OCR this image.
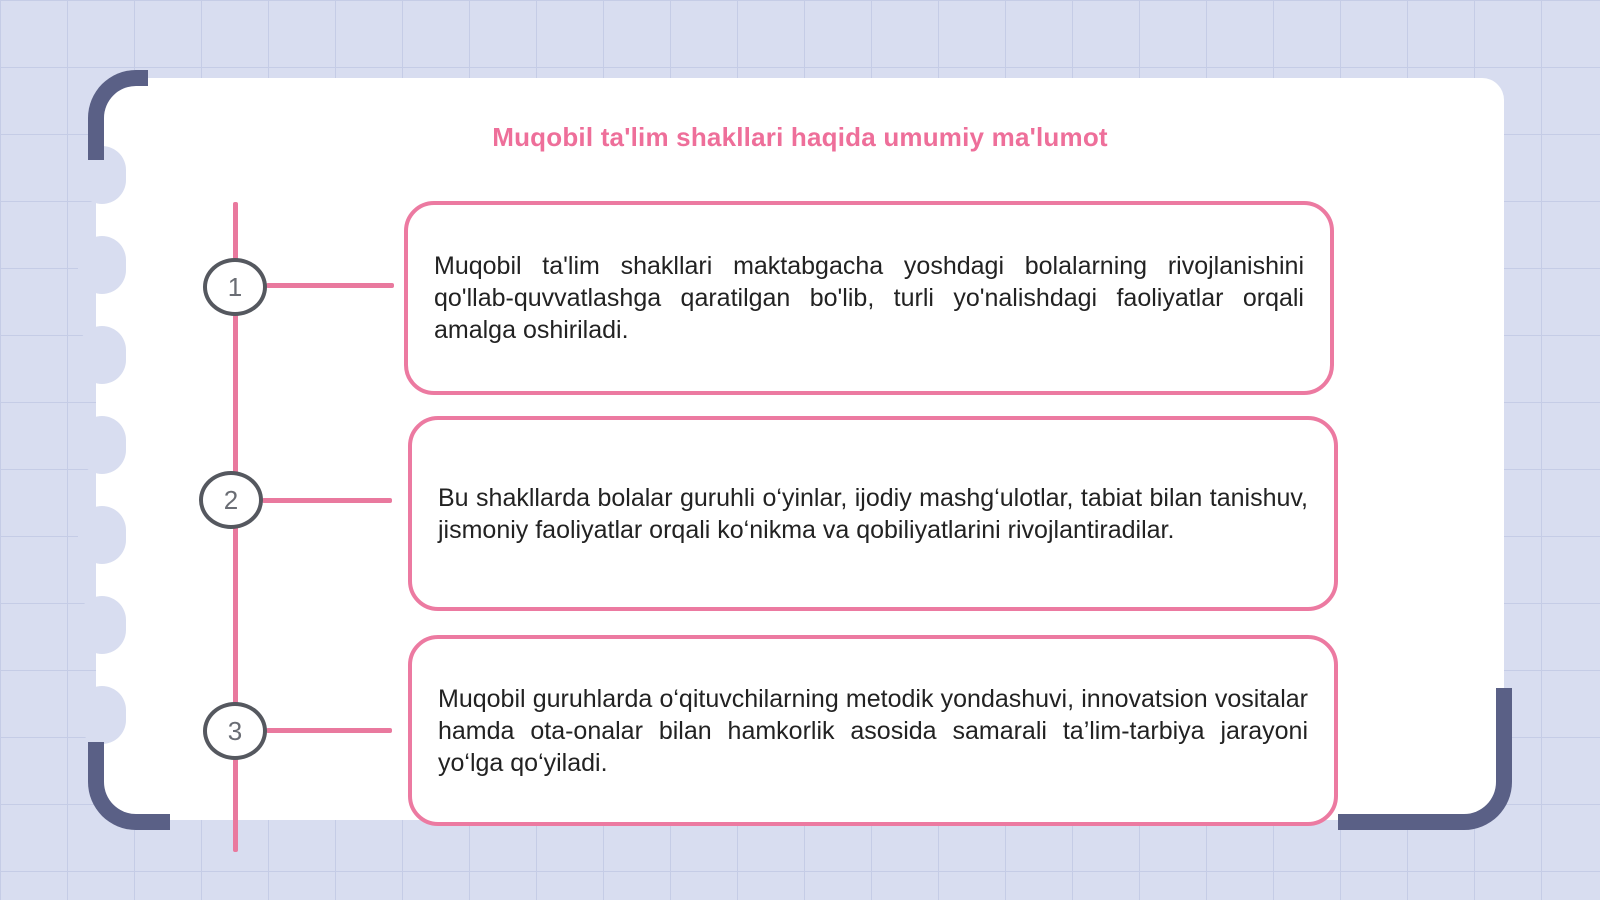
Muqobil ta'lim shakllari haqida umumiy ma'lumot
1

Muqobil ta'lim shakllari maktabgacha yoshdagi bolalarning rivojlanishini qo'llab-quvvatlashga qaratilgan bo'lib, turli yo'nalishdagi faoliyatlar orqali amalga oshiriladi.

2	Bu shakllarda bolalar guruhli o‘yinlar, ijodiy mashg‘ulotlar, tabiat bilan tanishuv, jismoniy faoliyatlar orqali ko‘nikma va qobiliyatlarini rivojlantiradilar.

3

Muqobil guruhlarda o‘qituvchilarning metodik yondashuvi, innovatsion vositalar hamda ota-onalar bilan hamkorlik asosida samarali ta’lim-tarbiya jarayoni yo‘lga qo‘yiladi.
